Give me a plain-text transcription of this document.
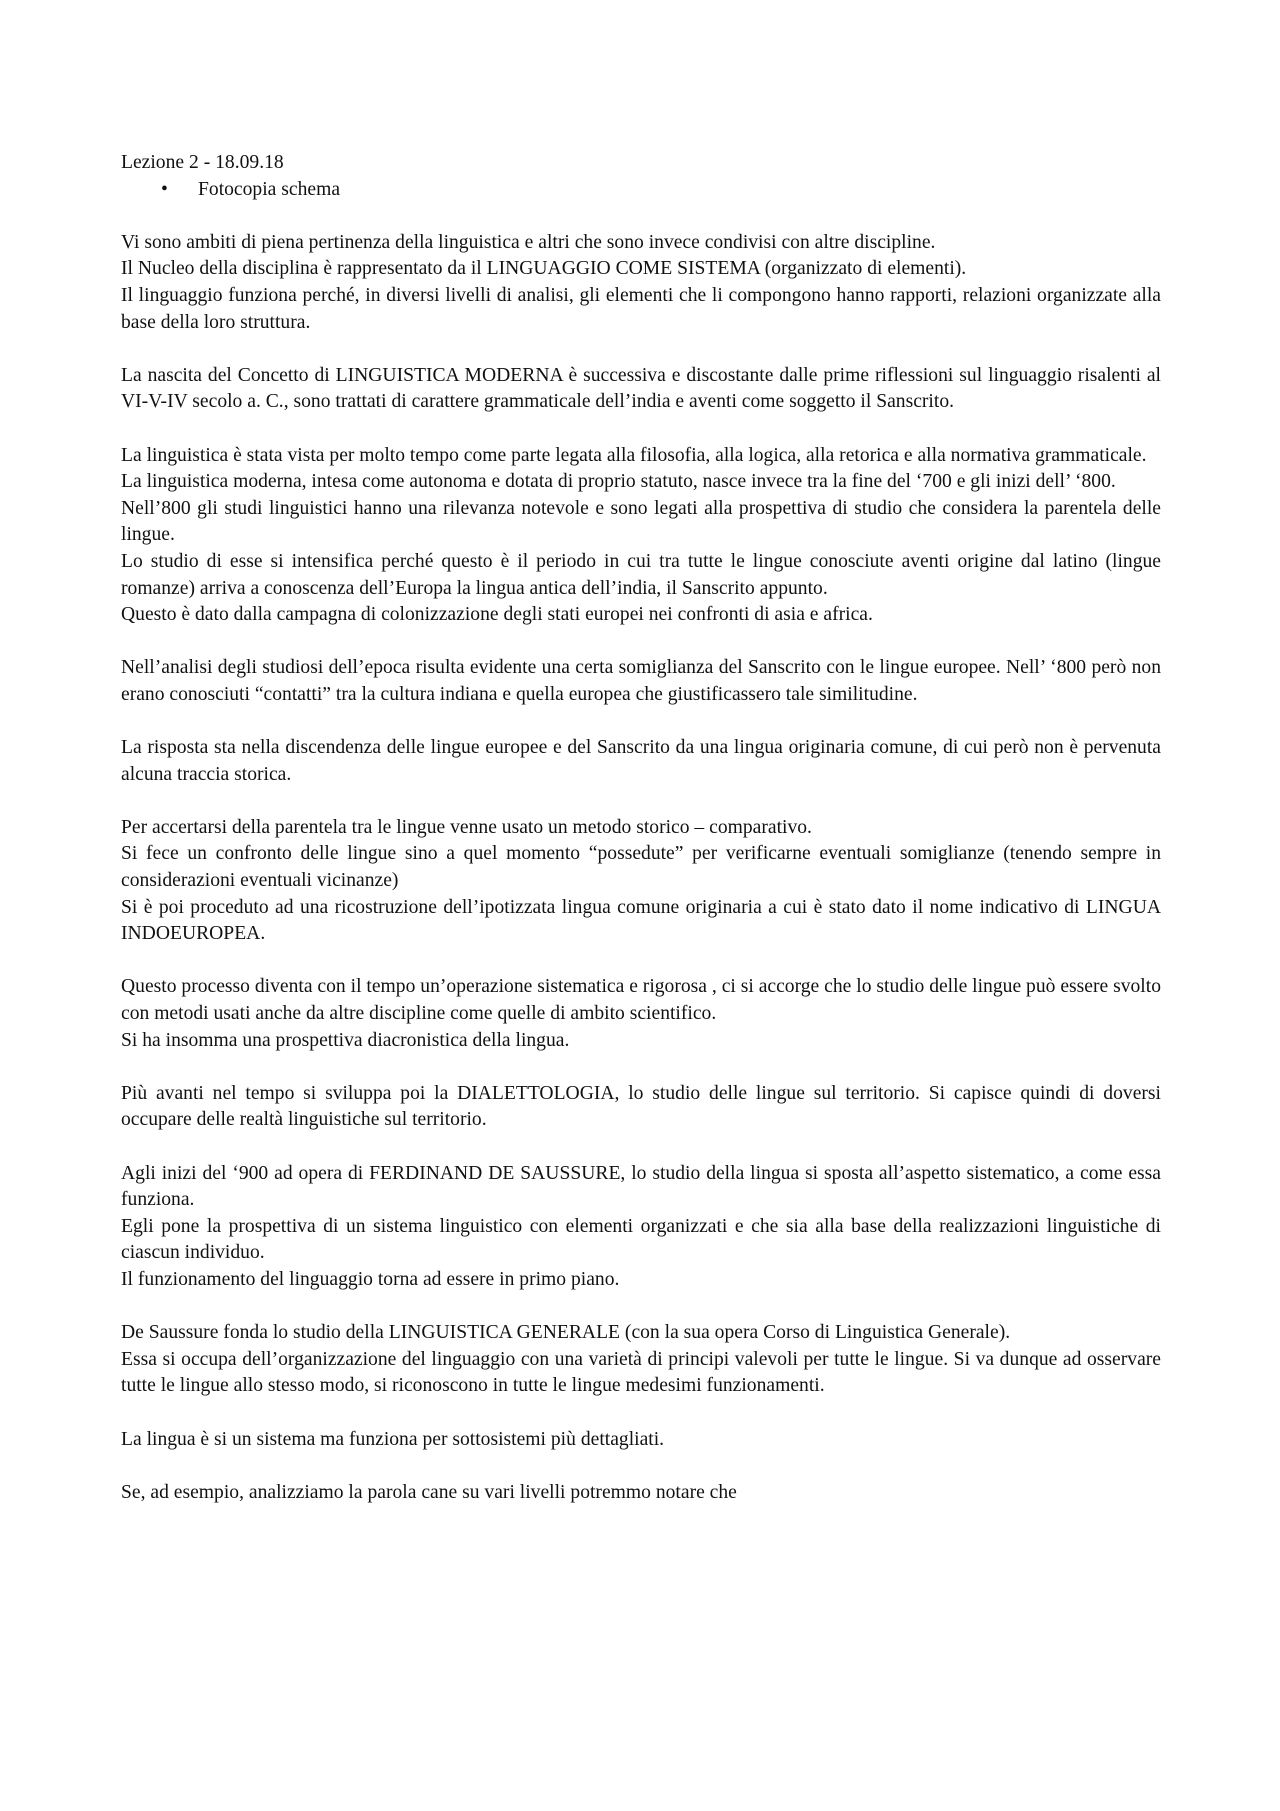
Lezione 2 - 18.09.18

• Fotocopia schema

Vi sono ambiti di piena pertinenza della linguistica e altri che sono invece condivisi con altre discipline.

Il Nucleo della disciplina è rappresentato da il LINGUAGGIO COME SISTEMA (organizzato di elementi).

Il linguaggio funziona perché, in diversi livelli di analisi, gli elementi che li compongono hanno rapporti, relazioni organizzate alla base della loro struttura.

La nascita del Concetto di LINGUISTICA MODERNA è successiva e discostante dalle prime riflessioni sul linguaggio risalenti al VI-V-IV secolo a. C., sono trattati di carattere grammaticale dell’india e aventi come soggetto il Sanscrito.

La linguistica è stata vista per molto tempo come parte legata alla filosofia, alla logica, alla retorica e alla normativa grammaticale.

La linguistica moderna, intesa come autonoma e dotata di proprio statuto, nasce invece tra la fine del ‘700 e gli inizi dell’ ‘800.

Nell’800 gli studi linguistici hanno una rilevanza notevole e sono legati alla prospettiva di studio che considera la parentela delle lingue.

Lo studio di esse si intensifica perché questo è il periodo in cui tra tutte le lingue conosciute aventi origine dal latino (lingue romanze) arriva a conoscenza dell’Europa la lingua antica dell’india, il Sanscrito appunto.

Questo è dato dalla campagna di colonizzazione degli stati europei nei confronti di asia e africa.

Nell’analisi degli studiosi dell’epoca risulta evidente una certa somiglianza del Sanscrito con le lingue europee. Nell’ ‘800 però non erano conosciuti “contatti” tra la cultura indiana e quella europea che giustificassero tale similitudine.

La risposta sta nella discendenza delle lingue europee e del Sanscrito da una lingua originaria comune, di cui però non è pervenuta alcuna traccia storica.

Per accertarsi della parentela tra le lingue venne usato un metodo storico – comparativo.

Si fece un confronto delle lingue sino a quel momento “possedute” per verificarne eventuali somiglianze (tenendo sempre in considerazioni eventuali vicinanze)

Si è poi proceduto ad una ricostruzione dell’ipotizzata lingua comune originaria a cui è stato dato il nome indicativo di LINGUA INDOEUROPEA.

Questo processo diventa con il tempo un’operazione sistematica e rigorosa , ci si accorge che lo studio delle lingue può essere svolto con metodi usati anche da altre discipline come quelle di ambito scientifico.

Si ha insomma una prospettiva diacronistica della lingua.

Più avanti nel tempo si sviluppa poi la DIALETTOLOGIA, lo studio delle lingue sul territorio. Si capisce quindi di doversi occupare delle realtà linguistiche sul territorio.

Agli inizi del ‘900 ad opera di FERDINAND DE SAUSSURE, lo studio della lingua si sposta all’aspetto sistematico, a come essa funziona.

Egli pone la prospettiva di un sistema linguistico con elementi organizzati e che sia alla base della realizzazioni linguistiche di ciascun individuo.

Il funzionamento del linguaggio torna ad essere in primo piano.

De Saussure fonda lo studio della LINGUISTICA GENERALE (con la sua opera Corso di Linguistica Generale).

Essa si occupa dell’organizzazione del linguaggio con una varietà di principi valevoli per tutte le lingue. Si va dunque ad osservare tutte le lingue allo stesso modo, si riconoscono in tutte le lingue medesimi funzionamenti.

La lingua è si un sistema ma funziona per sottosistemi più dettagliati.

Se, ad esempio, analizziamo la parola cane su vari livelli potremmo notare che
